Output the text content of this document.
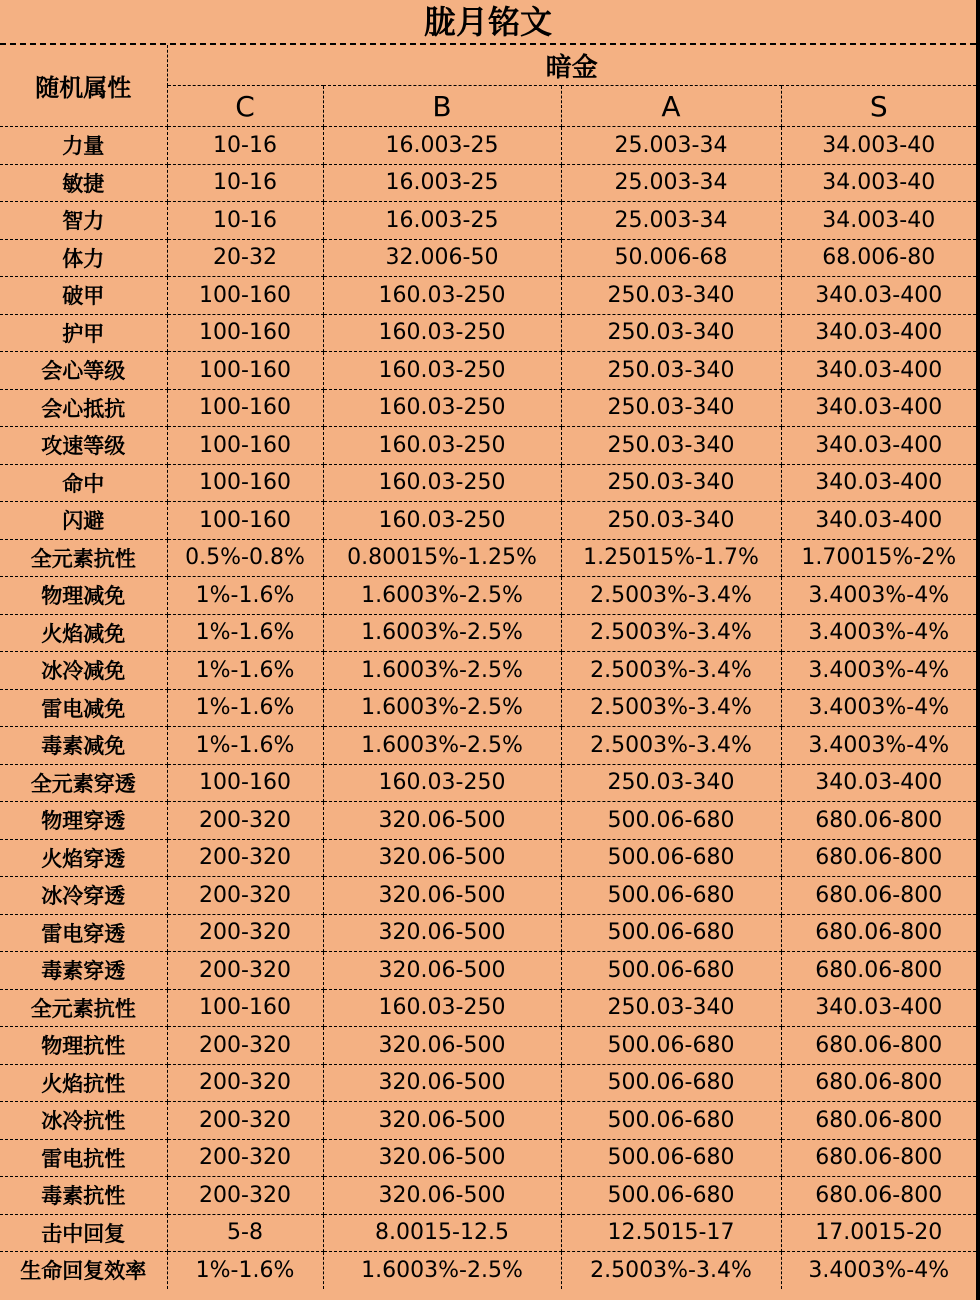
胧月铭文
随机属性	暗金			
	C	B	A	S
力量	10-16	16.003-25	25.003-34	34.003-40
敏捷	10-16	16.003-25	25.003-34	34.003-40
智力	10-16	16.003-25	25.003-34	34.003-40
体力	20-32	32.006-50	50.006-68	68.006-80
破甲	100-160	160.03-250	250.03-340	340.03-400
护甲	100-160	160.03-250	250.03-340	340.03-400
会心等级	100-160	160.03-250	250.03-340	340.03-400
会心抵抗	100-160	160.03-250	250.03-340	340.03-400
攻速等级	100-160	160.03-250	250.03-340	340.03-400
命中	100-160	160.03-250	250.03-340	340.03-400
闪避	100-160	160.03-250	250.03-340	340.03-400
全元素抗性	0.5%-0.8%	0.80015%-1.25%	1.25015%-1.7%	1.70015%-2%
物理减免	1%-1.6%	1.6003%-2.5%	2.5003%-3.4%	3.4003%-4%
火焰减免	1%-1.6%	1.6003%-2.5%	2.5003%-3.4%	3.4003%-4%
冰冷减免	1%-1.6%	1.6003%-2.5%	2.5003%-3.4%	3.4003%-4%
雷电减免	1%-1.6%	1.6003%-2.5%	2.5003%-3.4%	3.4003%-4%
毒素减免	1%-1.6%	1.6003%-2.5%	2.5003%-3.4%	3.4003%-4%
全元素穿透	100-160	160.03-250	250.03-340	340.03-400
物理穿透	200-320	320.06-500	500.06-680	680.06-800
火焰穿透	200-320	320.06-500	500.06-680	680.06-800
冰冷穿透	200-320	320.06-500	500.06-680	680.06-800
雷电穿透	200-320	320.06-500	500.06-680	680.06-800
毒素穿透	200-320	320.06-500	500.06-680	680.06-800
全元素抗性	100-160	160.03-250	250.03-340	340.03-400
物理抗性	200-320	320.06-500	500.06-680	680.06-800
火焰抗性	200-320	320.06-500	500.06-680	680.06-800
冰冷抗性	200-320	320.06-500	500.06-680	680.06-800
雷电抗性	200-320	320.06-500	500.06-680	680.06-800
毒素抗性	200-320	320.06-500	500.06-680	680.06-800
击中回复	5-8	8.0015-12.5	12.5015-17	17.0015-20
生命回复效率	1%-1.6%	1.6003%-2.5%	2.5003%-3.4%	3.4003%-4%
